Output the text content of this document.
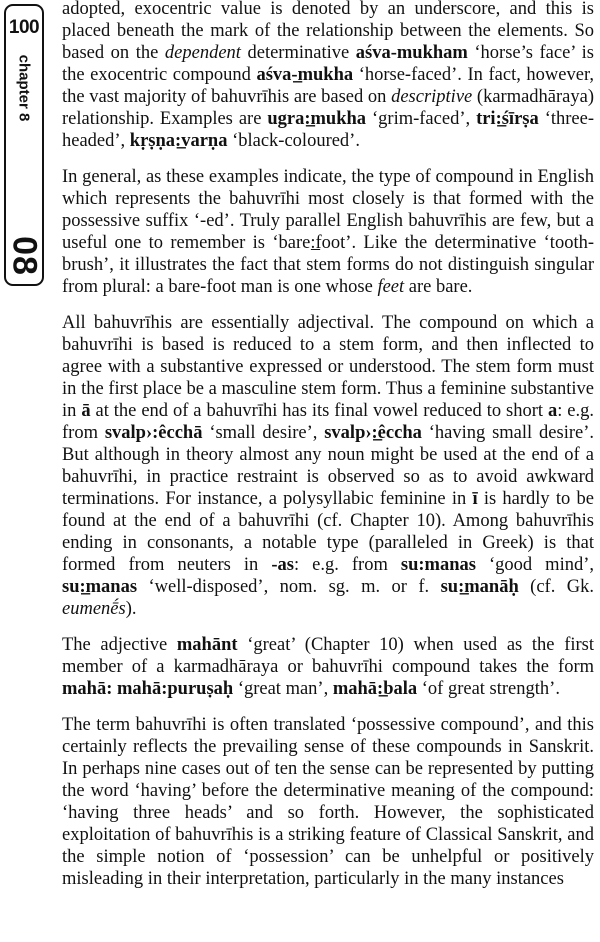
100
chapter 8
08

adopted, exocentric value is denoted by an underscore, and this is placed beneath the mark of the relationship between the elements. So based on the dependent determinative aśva-mukham ‘horse’s face’ is the exocentric compound aśva-̲mukha ‘horse-faced’. In fact, however, the vast majority of bahuvrīhis are based on descriptive (karmadhāraya) relationship. Examples are ugra:̲mukha ‘grim-faced’, tri:̲śīrṣa ‘three-headed’, kṛṣṇa:̲varṇa ‘black-coloured’.

In general, as these examples indicate, the type of compound in English which represents the bahuvrīhi most closely is that formed with the possessive suffix ‘-ed’. Truly parallel English bahuvrīhis are few, but a useful one to remember is ‘bare:̲foot’. Like the determinative ‘tooth-brush’, it illustrates the fact that stem forms do not distinguish singular from plural: a bare-foot man is one whose feet are bare.

All bahuvrīhis are essentially adjectival. The compound on which a bahuvrīhi is based is reduced to a stem form, and then inflected to agree with a substantive expressed or understood. The stem form must in the first place be a masculine stem form. Thus a feminine substantive in ā at the end of a bahuvrīhi has its final vowel reduced to short a: e.g. from svalp›:êcchā ‘small desire’, svalp›:̲êccha ‘having small desire’. But although in theory almost any noun might be used at the end of a bahuvrīhi, in practice restraint is observed so as to avoid awkward terminations. For instance, a polysyllabic feminine in ī is hardly to be found at the end of a bahuvrīhi (cf. Chapter 10). Among bahuvrīhis ending in consonants, a notable type (paralleled in Greek) is that formed from neuters in -as: e.g. from su:manas ‘good mind’, su:̲manas ‘well-disposed’, nom. sg. m. or f. su:̲manāḥ (cf. Gk. eumenḗs).

The adjective mahānt ‘great’ (Chapter 10) when used as the first member of a karmadhāraya or bahuvrīhi compound takes the form mahā: mahā:puruṣaḥ ‘great man’, mahā:̲bala ‘of great strength’.

The term bahuvrīhi is often translated ‘possessive compound’, and this certainly reflects the prevailing sense of these compounds in Sanskrit. In perhaps nine cases out of ten the sense can be represented by putting the word ‘having’ before the determinative meaning of the compound: ‘having three heads’ and so forth. However, the sophisticated exploitation of bahuvrīhis is a striking feature of Classical Sanskrit, and the simple notion of ‘possession’ can be unhelpful or positively misleading in their interpretation, particularly in the many instances
